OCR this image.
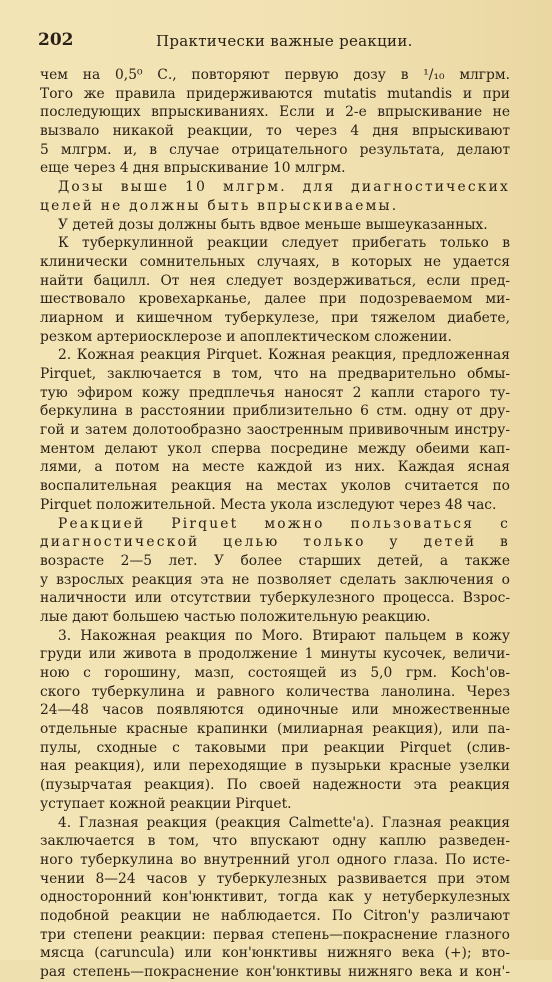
202	Практически важные реакции.
чем на 0,5⁰ С., повторяют первую дозу в ¹/₁₀ млгрм.
Того же правила придерживаются mutatis mutandis и при
последующих впрыскиваниях. Если и 2-е впрыскивание не
вызвало никакой реакции, то через 4 дня впрыскивают
5 млгрм. и, в случае отрицательного результата, делают
еще через 4 дня впрыскивание 10 млгрм.
Дозы выше 10 млгрм. для диагностических
целей не должны быть впрыскиваемы.
У детей дозы должны быть вдвое меньше вышеуказанных.
К туберкулинной реакции следует прибегать только в
клинически сомнительных случаях, в которых не удается
найти бацилл. От нея следует воздерживаться, если пред-
шествовало кровехарканье, далее при подозреваемом ми-
лиарном и кишечном туберкулезе, при тяжелом диабете,
резком артериосклерозе и апоплектическом сложении.
2. Кожная реакция Pirquet. Кожная реакция, предложенная
Pirquet, заключается в том, что на предварительно обмы-
тую эфиром кожу предплечья наносят 2 капли старого ту-
беркулина в расстоянии приблизительно 6 стм. одну от дру-
гой и затем долотообразно заостренным прививочным инстру-
ментом делают укол сперва посредине между обеими кап-
лями, а потом на месте каждой из них. Каждая ясная
воспалительная реакция на местах уколов считается по
Pirquet положительной. Места укола изследуют через 48 час.
Реакцией Pirquet можно пользоваться с
диагностической целью только у детей в
возрасте 2—5 лет. У более старших детей, а также
у взрослых реакция эта не позволяет сделать заключения о
наличности или отсутствии туберкулезного процесса. Взрос-
лые дают большею частью положительную реакцию.
3. Накожная реакция по Moro. Втирают пальцем в кожу
груди или живота в продолжение 1 минуты кусочек, величи-
ною с горошину, мазп, состоящей из 5,0 грм. Koch'ов-
ского туберкулина и равного количества ланолина. Через
24—48 часов появляются одиночные или множественные
отдельные красные крапинки (милиарная реакция), или па-
пулы, сходные с таковыми при реакции Pirquet (слив-
ная реакция), или переходящие в пузырьки красные узелки
(пузырчатая реакция). По своей надежности эта реакция
уступает кожной реакции Pirquet.
4. Глазная реакция (реакция Calmette'a). Глазная реакция
заключается в том, что впускают одну каплю разведен-
ного туберкулина во внутренний угол одного глаза. По исте-
чении 8—24 часов у туберкулезных развивается при этом
односторонний кон'юнктивит, тогда как у нетуберкулезных
подобной реакции не наблюдается. По Citron'у различают
три степени реакции: первая степень—покраснение глазного
мясца (caruncula) или кон'юнктивы нижняго века (+); вто-
рая степень—покраснение кон'юнктивы нижняго века и кон'-
